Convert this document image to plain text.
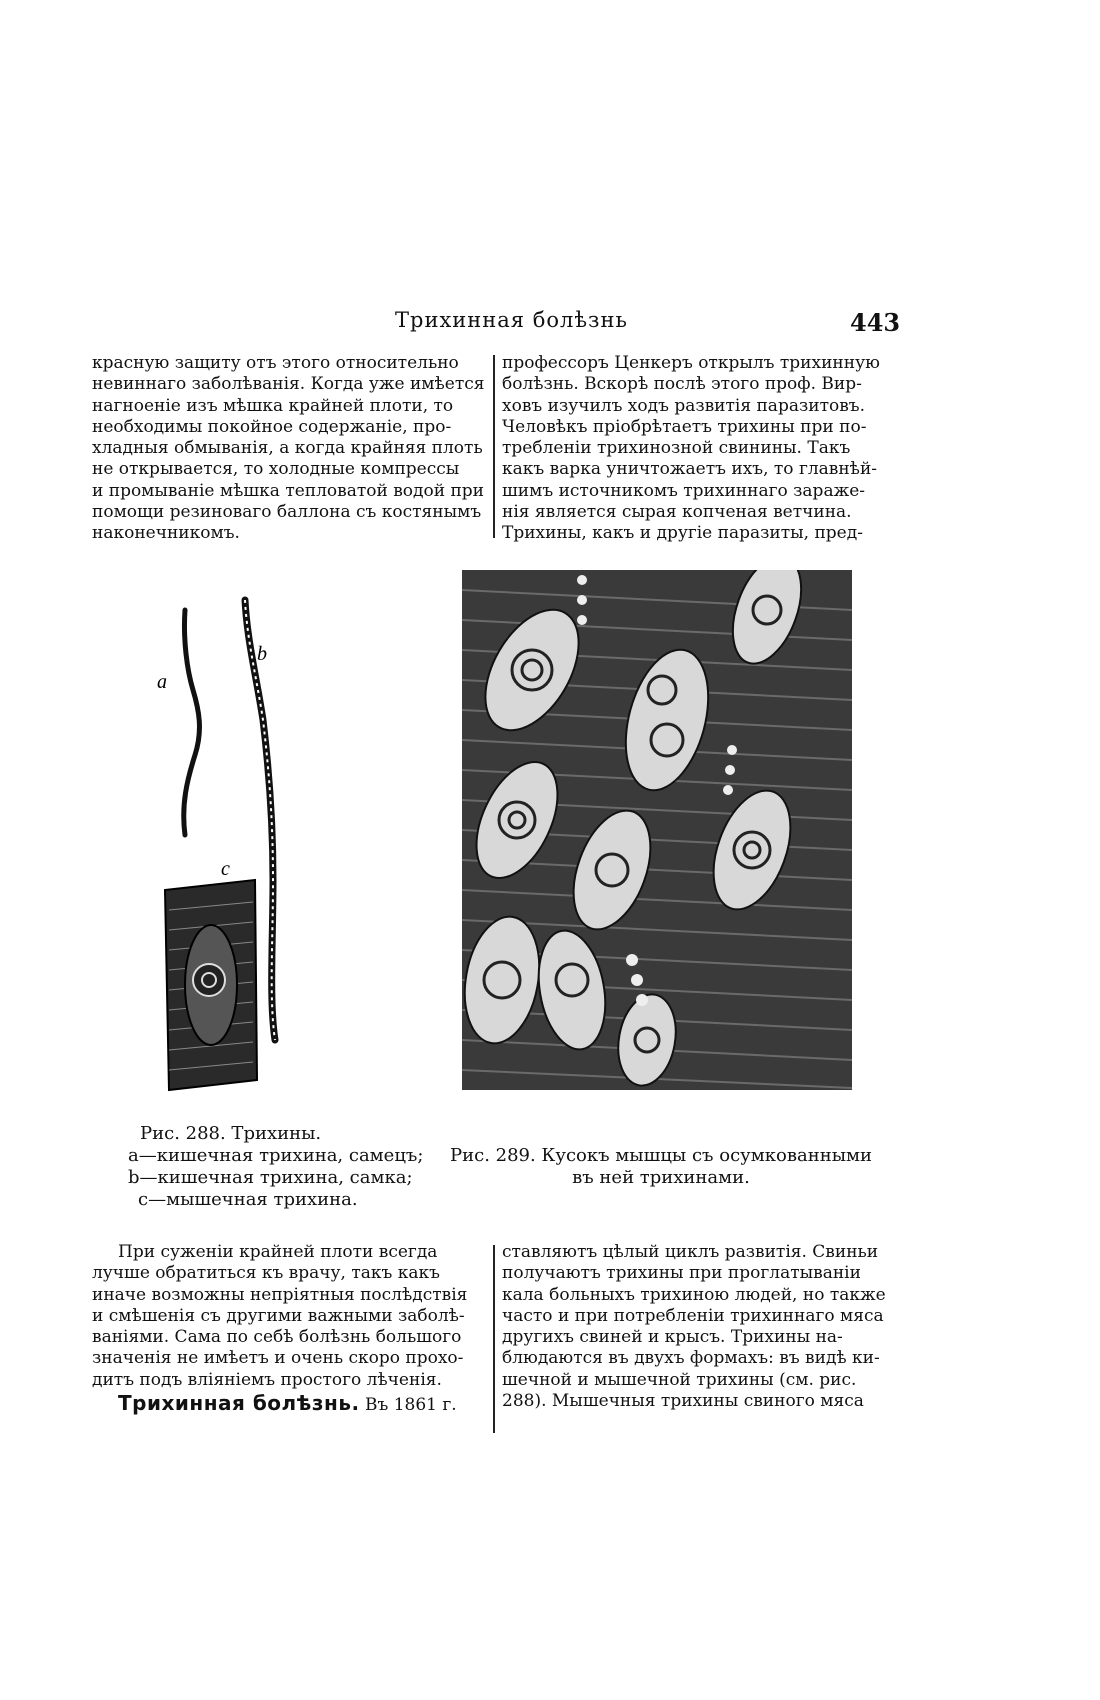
Трихинная болѣзнь	443
красную защиту отъ этого относительно
невиннаго заболѣванія. Когда уже имѣется
нагноеніе изъ мѣшка крайней плоти, то
необходимы покойное содержаніе, про-
хладныя обмыванія, а когда крайняя плоть
не открывается, то холодные компрессы
и промываніе мѣшка тепловатой водой при
помощи резиноваго баллона съ костянымъ
наконечникомъ.
профессоръ Ценкеръ открылъ трихинную
болѣзнь. Вскорѣ послѣ этого проф. Вир-
ховъ изучилъ ходъ развитія паразитовъ.
Человѣкъ пріобрѣтаетъ трихины при по-
требленіи трихинозной свинины. Такъ
какъ варка уничтожаетъ ихъ, то главнѣй-
шимъ источникомъ трихиннаго зараже-
нія является сырая копченая ветчина.
Трихины, какъ и другіе паразиты, пред-
a
b
c
Рис. 288. Трихины.
a—кишечная трихина, самецъ;
b—кишечная трихина, самка;
c—мышечная трихина.
Рис. 289. Кусокъ мышцы съ осумкованными
въ ней трихинами.
При суженіи крайней плоти всегда
лучше обратиться къ врачу, такъ какъ
иначе возможны непріятныя послѣдствія
и смѣшенія съ другими важными заболѣ-
ваніями. Сама по себѣ болѣзнь большого
значенія не имѣетъ и очень скоро прохо-
дитъ подъ вліяніемъ простого лѣченія.
Трихинная болѣзнь. Въ 1861 г.
ставляютъ цѣлый циклъ развитія. Свиньи
получаютъ трихины при проглатываніи
кала больныхъ трихиною людей, но также
часто и при потребленіи трихиннаго мяса
другихъ свиней и крысъ. Трихины на-
блюдаются въ двухъ формахъ: въ видѣ ки-
шечной и мышечной трихины (см. рис.
288). Мышечныя трихины свиного мяса
